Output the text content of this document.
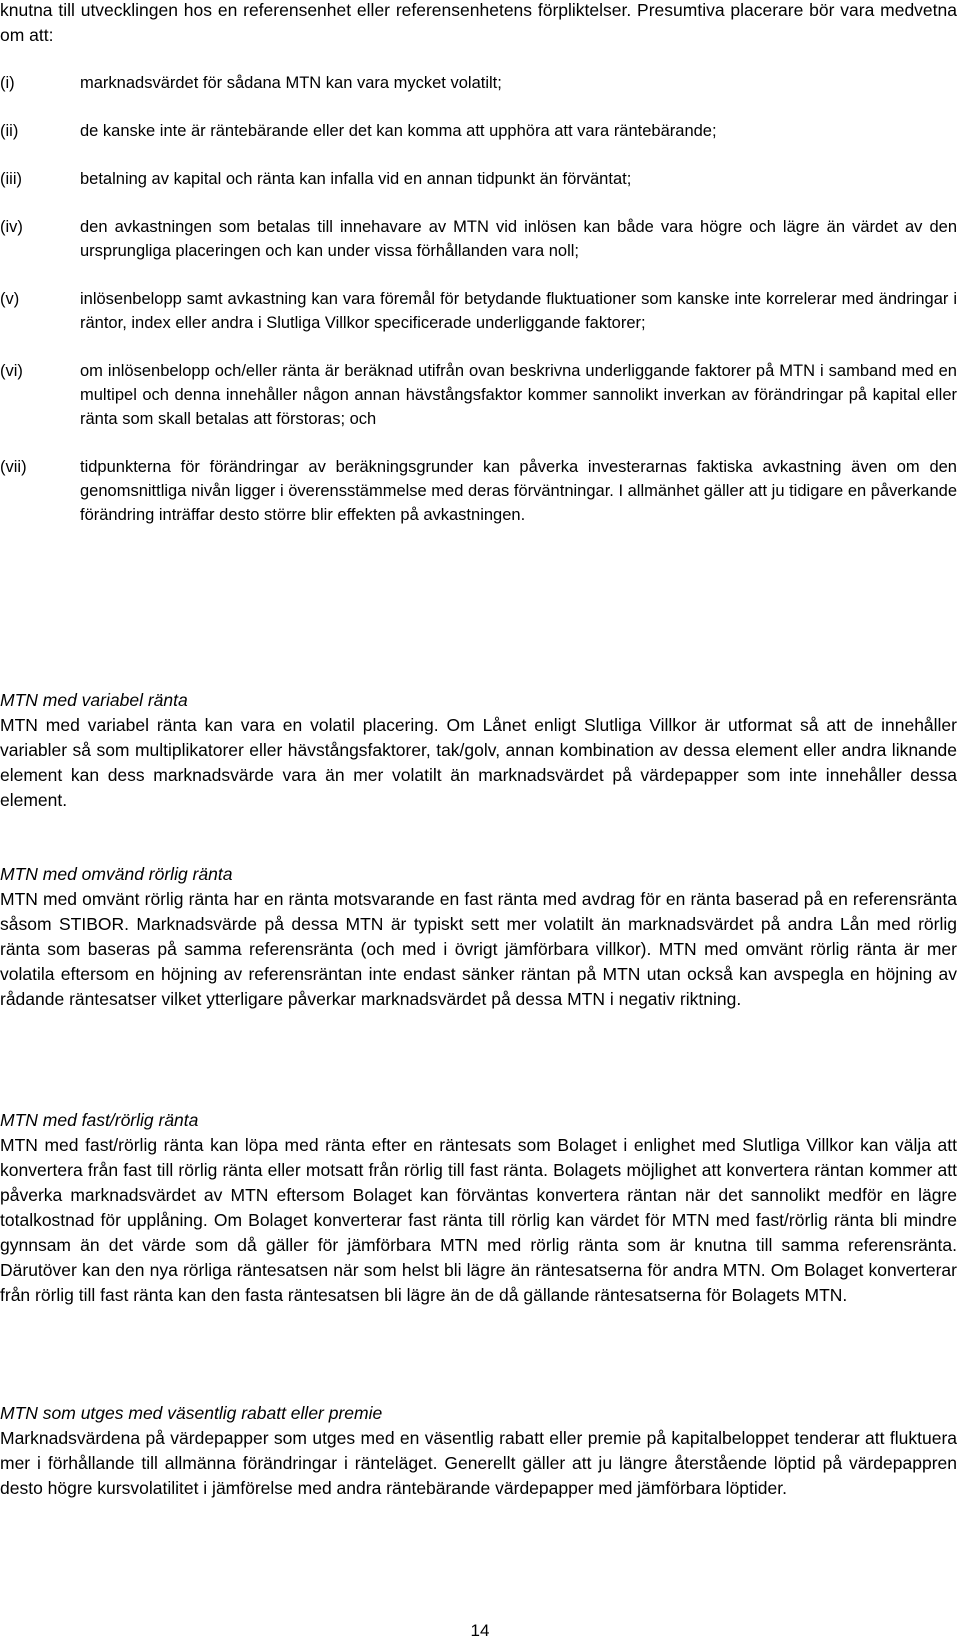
knutna till utvecklingen hos en referensenhet eller referensenhetens förpliktelser. Presumtiva placerare bör vara medvetna om att:

(i)	marknadsvärdet för sådana MTN kan vara mycket volatilt;
(ii)	de kanske inte är räntebärande eller det kan komma att upphöra att vara räntebärande;
(iii)	betalning av kapital och ränta kan infalla vid en annan tidpunkt än förväntat;
(iv)	den avkastningen som betalas till innehavare av MTN vid inlösen kan både vara högre och lägre än värdet av den ursprungliga placeringen och kan under vissa förhållanden vara noll;
(v)	inlösenbelopp samt avkastning kan vara föremål för betydande fluktuationer som kanske inte korrelerar med ändringar i räntor, index eller andra i Slutliga Villkor specificerade underliggande faktorer;
(vi)	om inlösenbelopp och/eller ränta är beräknad utifrån ovan beskrivna underliggande faktorer på MTN i samband med en multipel och denna innehåller någon annan hävstångsfaktor kommer sannolikt inverkan av förändringar på kapital eller ränta som skall betalas att förstoras; och
(vii)	tidpunkterna för förändringar av beräkningsgrunder kan påverka investerarnas faktiska avkastning även om den genomsnittliga nivån ligger i överensstämmelse med deras förväntningar. I allmänhet gäller att ju tidigare en påverkande förändring inträffar desto större blir effekten på avkastningen.
MTN med variabel ränta

MTN med variabel ränta kan vara en volatil placering. Om Lånet enligt Slutliga Villkor är utformat så att de innehåller variabler så som multiplikatorer eller hävstångsfaktorer, tak/golv, annan kombination av dessa element eller andra liknande element kan dess marknadsvärde vara än mer volatilt än marknadsvärdet på värdepapper som inte innehåller dessa element.

MTN med omvänd rörlig ränta

MTN med omvänt rörlig ränta har en ränta motsvarande en fast ränta med avdrag för en ränta baserad på en referensränta såsom STIBOR. Marknadsvärde på dessa MTN är typiskt sett mer volatilt än marknadsvärdet på andra Lån med rörlig ränta som baseras på samma referensränta (och med i övrigt jämförbara villkor). MTN med omvänt rörlig ränta är mer volatila eftersom en höjning av referensräntan inte endast sänker räntan på MTN utan också kan avspegla en höjning av rådande räntesatser vilket ytterligare påverkar marknadsvärdet på dessa MTN i negativ riktning.

MTN med fast/rörlig ränta

MTN med fast/rörlig ränta kan löpa med ränta efter en räntesats som Bolaget i enlighet med Slutliga Villkor kan välja att konvertera från fast till rörlig ränta eller motsatt från rörlig till fast ränta. Bolagets möjlighet att konvertera räntan kommer att påverka marknadsvärdet av MTN eftersom Bolaget kan förväntas konvertera räntan när det sannolikt medför en lägre totalkostnad för upplåning. Om Bolaget konverterar fast ränta till rörlig kan värdet för MTN med fast/rörlig ränta bli mindre gynnsam än det värde som då gäller för jämförbara MTN med rörlig ränta som är knutna till samma referensränta. Därutöver kan den nya rörliga räntesatsen när som helst bli lägre än räntesatserna för andra MTN. Om Bolaget konverterar från rörlig till fast ränta kan den fasta räntesatsen bli lägre än de då gällande räntesatserna för Bolagets MTN.

MTN som utges med väsentlig rabatt eller premie

Marknadsvärdena på värdepapper som utges med en väsentlig rabatt eller premie på kapitalbeloppet tenderar att fluktuera mer i förhållande till allmänna förändringar i ränteläget. Generellt gäller att ju längre återstående löptid på värdepappren desto högre kursvolatilitet i jämförelse med andra räntebärande värdepapper med jämförbara löptider.

14
